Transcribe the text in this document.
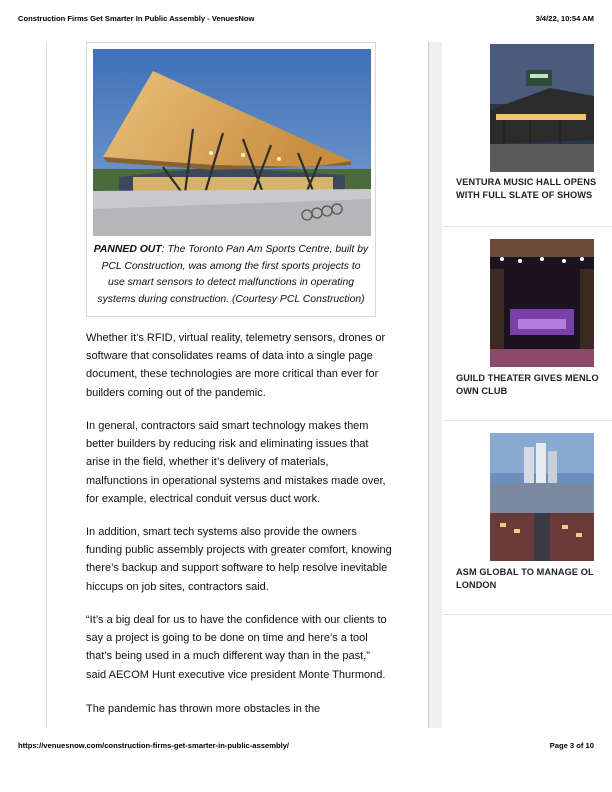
Construction Firms Get Smarter In Public Assembly - VenuesNow	3/4/22, 10:54 AM
PANNED OUT: The Toronto Pan Am Sports Centre, built by PCL Construction, was among the first sports projects to use smart sensors to detect malfunctions in operating systems during construction. (Courtesy PCL Construction)

Whether it’s RFID, virtual reality, telemetry sensors, drones or software that consolidates reams of data into a single page document, these technologies are more critical than ever for builders coming out of the pandemic.

In general, contractors said smart technology makes them better builders by reducing risk and eliminating issues that arise in the field, whether it’s delivery of materials, malfunctions in operational systems and mistakes made over, for example, electrical conduit versus duct work.

In addition, smart tech systems also provide the owners funding public assembly projects with greater comfort, knowing there’s backup and support software to help resolve inevitable hiccups on job sites, contractors said.

“It’s a big deal for us to have the confidence with our clients to say a project is going to be done on time and here’s a tool that’s being used in a much different way than in the past,” said AECOM Hunt executive vice president Monte Thurmond.

The pandemic has thrown more obstacles in the

VENTURA MUSIC HALL OPENS
WITH FULL SLATE OF SHOWS
GUILD THEATER GIVES MENLO
OWN CLUB
ASM GLOBAL TO MANAGE OL
LONDON
https://venuesnow.com/construction-firms-get-smarter-in-public-assembly/	Page 3 of 10
